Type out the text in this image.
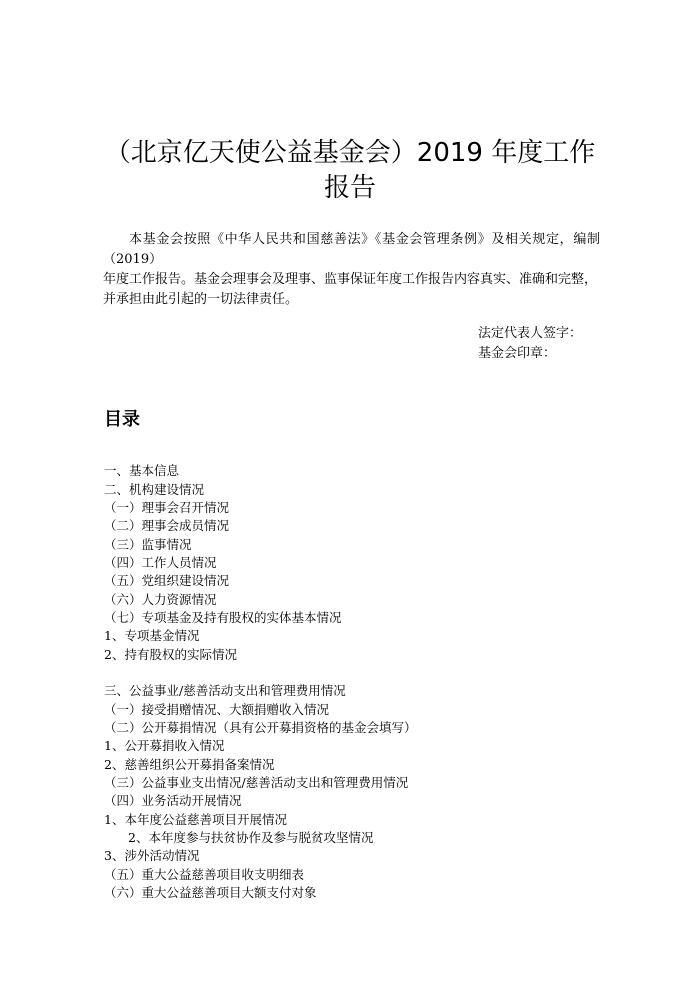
（北京亿天使公益基金会）2019 年度工作
报告
本基金会按照《中华人民共和国慈善法》《基金会管理条例》及相关规定，编制（2019）
年度工作报告。基金会理事会及理事、监事保证年度工作报告内容真实、准确和完整，
并承担由此引起的一切法律责任。
法定代表人签字：
基金会印章：
目录
一、基本信息
二、机构建设情况
（一）理事会召开情况
（二）理事会成员情况
（三）监事情况
（四）工作人员情况
（五）党组织建设情况
（六）人力资源情况
（七）专项基金及持有股权的实体基本情况
1、专项基金情况
2、持有股权的实际情况
三、公益事业/慈善活动支出和管理费用情况
（一）接受捐赠情况、大额捐赠收入情况
（二）公开募捐情况（具有公开募捐资格的基金会填写）
1、公开募捐收入情况
2、慈善组织公开募捐备案情况
（三）公益事业支出情况/慈善活动支出和管理费用情况
（四）业务活动开展情况
1、本年度公益慈善项目开展情况
2、本年度参与扶贫协作及参与脱贫攻坚情况
3、涉外活动情况
（五）重大公益慈善项目收支明细表
（六）重大公益慈善项目大额支付对象
